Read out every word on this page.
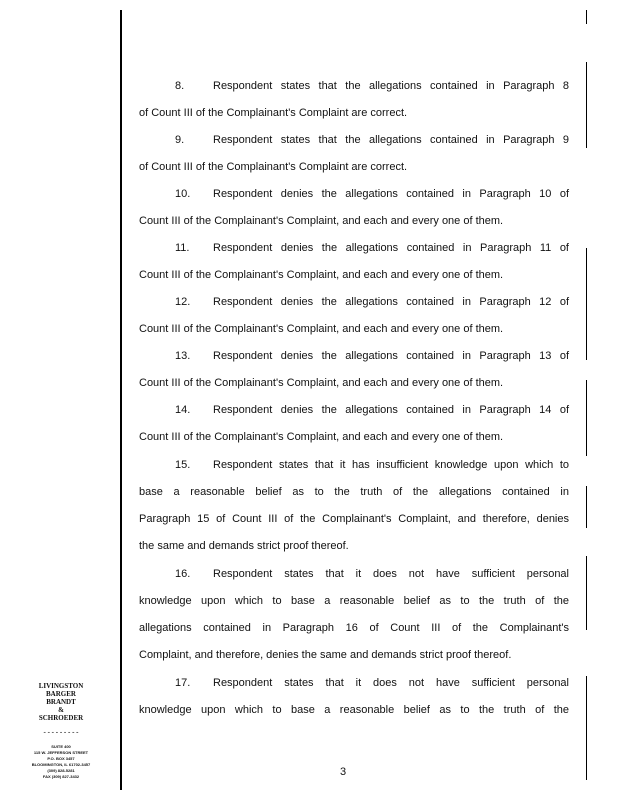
8.	Respondent states that the allegations contained in Paragraph 8

of Count III of the Complainant's Complaint are correct.

9.	Respondent states that the allegations contained in Paragraph 9

of Count III of the Complainant's Complaint are correct.

10. Respondent denies the allegations contained in Paragraph 10 of

Count III of the Complainant's Complaint, and each and every one of them.

11. Respondent denies the allegations contained in Paragraph 11 of

Count III of the Complainant's Complaint, and each and every one of them.

12. Respondent denies the allegations contained in Paragraph 12 of

Count III of the Complainant's Complaint, and each and every one of them.

13. Respondent denies the allegations contained in Paragraph 13 of

Count III of the Complainant's Complaint, and each and every one of them.

14. Respondent denies the allegations contained in Paragraph 14 of

Count III of the Complainant's Complaint, and each and every one of them.

15. Respondent states that it has insufficient knowledge upon which to

base a reasonable belief as to the truth of the allegations contained in

Paragraph 15 of Count III of the Complainant's Complaint, and therefore, denies

the same and demands strict proof thereof.

16. Respondent states that it does not have sufficient personal

knowledge upon which to base a reasonable belief as to the truth of the

allegations contained in Paragraph 16 of Count III of the Complainant's

Complaint, and therefore, denies the same and demands strict proof thereof.

17. Respondent states that it does not have sufficient personal

knowledge upon which to base a reasonable belief as to the truth of the

LIVINGSTON
BARGER
BRANDT
&
SCHROEDER
- - - - - - - - -
SUITE 400
115 W. JEFFERSON STREET
P.O. BOX 3457
BLOOMINGTON, IL 61702-3457
(309) 828-5281
FAX (309) 827-3432	3
